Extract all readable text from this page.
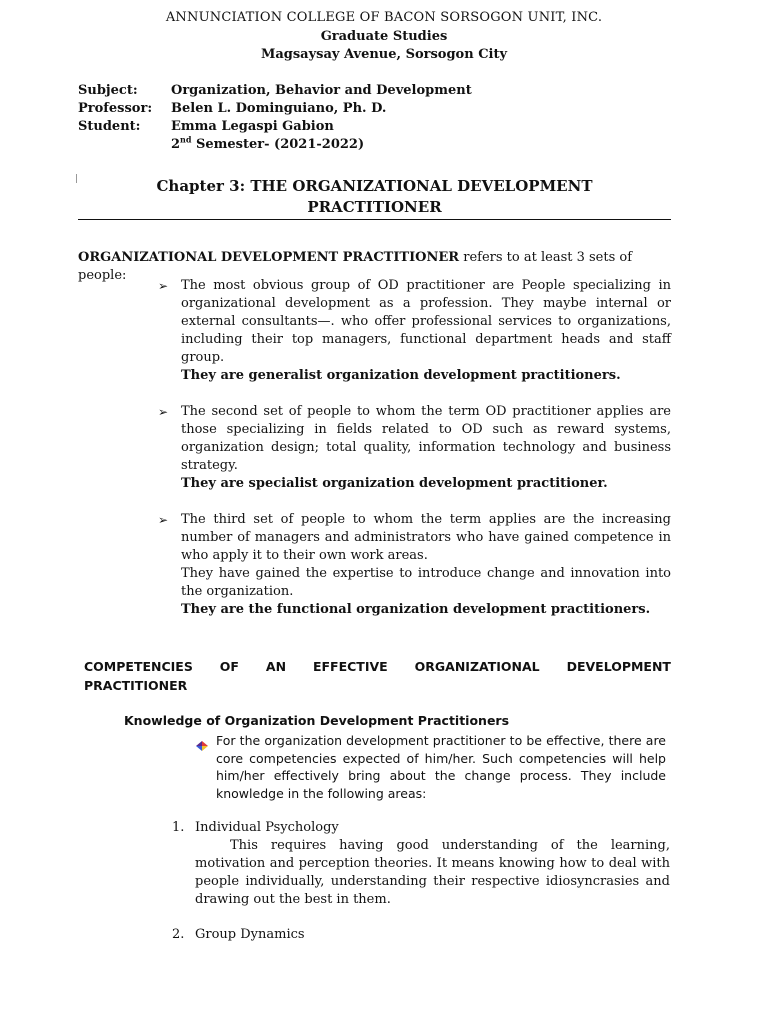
ANNUNCIATION COLLEGE OF BACON SORSOGON UNIT, INC.
Graduate Studies
Magsaysay Avenue, Sorsogon City
Subject:	Organization, Behavior and Development
Professor:	Belen L. Dominguiano, Ph. D.
Student:	Emma Legaspi Gabion
2nd Semester- (2021-2022)
Chapter 3: THE ORGANIZATIONAL DEVELOPMENT
PRACTITIONER
ORGANIZATIONAL DEVELOPMENT PRACTITIONER refers to at least 3 sets of people:
➢ The most obvious group of OD practitioner are People specializing in organizational development as a profession. They maybe internal or external consultants—. who offer professional services to organizations, including their top managers, functional department heads and staff group.

They are generalist organization development practitioners.

➢ The second set of people to whom the term OD practitioner applies are those specializing in fields related to OD such as reward systems, organization design; total quality, information technology and business strategy.

They are specialist organization development practitioner.

➢ The third set of people to whom the term applies are the increasing number of managers and administrators who have gained competence in who apply it to their own work areas.

They have gained the expertise to introduce change and innovation into the organization.

They are the functional organization development practitioners.

COMPETENCIES OF AN EFFECTIVE ORGANIZATIONAL DEVELOPMENT
PRACTITIONER
Knowledge of Organization Development Practitioners
For the organization development practitioner to be effective, there are core competencies expected of him/her. Such competencies will help him/her effectively bring about the change process. They include knowledge in the following areas:
1. Individual Psychology
This requires having good understanding of the learning, motivation and perception theories. It means knowing how to deal with people individually, understanding their respective idiosyncrasies and drawing out the best in them.
2. Group Dynamics
